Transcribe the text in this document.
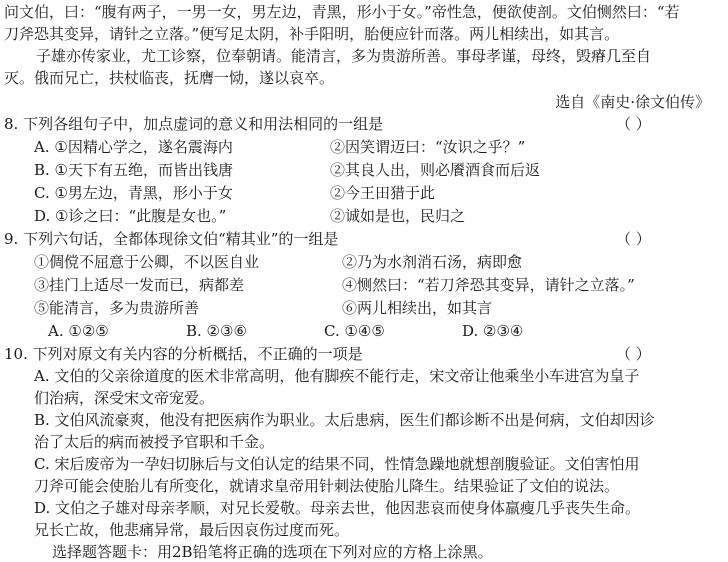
问文伯，曰：“腹有两子，一男一女，男左边，青黑，形小于女。”帝性急，便欲使剖。文伯恻然曰：“若
刀斧恐其变异，请针之立落。”便写足太阴，补手阳明，胎便应针而落。两儿相续出，如其言。
子雄亦传家业，尤工诊察，位奉朝请。能清言，多为贵游所善。事母孝谨，母终，毁瘠几至自
灭。俄而兄亡，扶杖临丧，抚膺一恸，遂以哀卒。
选自《南史·徐文伯传》
8. 下列各组句子中，加点虚词的意义和用法相同的一组是	（ ）
A. ①因精心学之，遂名震海内	②因笑谓迈曰：“汝识之乎？”
B. ①天下有五绝，而皆出钱唐	②其良人出，则必餍酒食而后返
C. ①男左边，青黑，形小于女	②今王田猎于此
D. ①诊之曰：“此腹是女也。”	②诚如是也，民归之
9. 下列六句话，全都体现徐文伯“精其业”的一组是	（ ）
①倜傥不屈意于公卿，不以医自业	②乃为水剂消石汤，病即愈
③挂门上适尽一发而已，病都差	④恻然曰：“若刀斧恐其变异，请针之立落。”
⑤能清言，多为贵游所善	⑥两儿相续出，如其言
A. ①②⑤	B. ②③⑥	C. ①④⑤	D. ②③④
10. 下列对原文有关内容的分析概括，不正确的一项是	（ ）
A. 文伯的父亲徐道度的医术非常高明，他有脚疾不能行走，宋文帝让他乘坐小车进宫为皇子
们治病，深受宋文帝宠爱。
B. 文伯风流豪爽，他没有把医病作为职业。太后患病，医生们都诊断不出是何病，文伯却因诊
治了太后的病而被授予官职和千金。
C. 宋后废帝为一孕妇切脉后与文伯认定的结果不同，性情急躁地就想剖腹验证。文伯害怕用
刀斧可能会使胎儿有所变化，就请求皇帝用针刺法使胎儿降生。结果验证了文伯的说法。
D. 文伯之子雄对母亲孝顺，对兄长爱敬。母亲去世，他因悲哀而使身体羸瘦几乎丧失生命。
兄长亡故，他悲痛异常，最后因哀伤过度而死。
选择题答题卡：用2B铅笔将正确的选项在下列对应的方格上涂黑。
